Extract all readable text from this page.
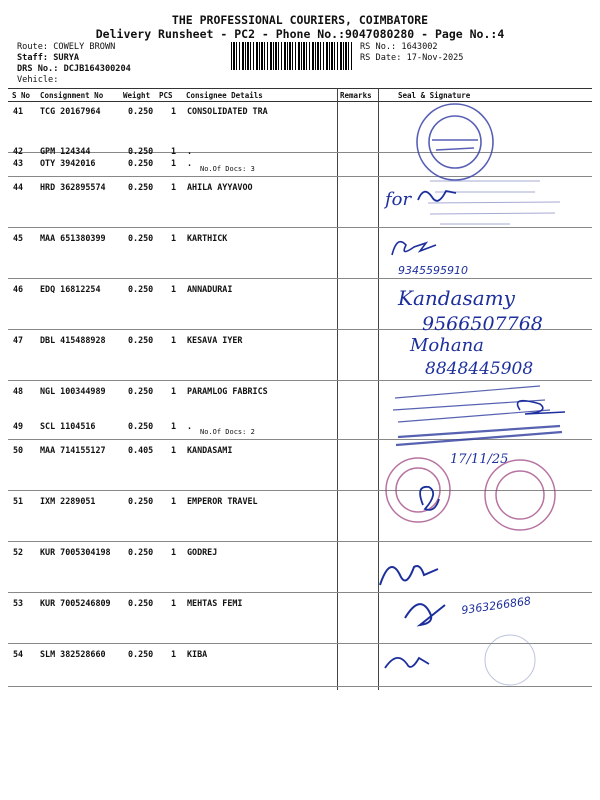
THE PROFESSIONAL COURIERS, COIMBATORE
Delivery Runsheet - PC2 - Phone No.:9047080280 - Page No.:4
Route: COWELY BROWN
Staff: SURYA
DRS No.: DCJB164300204
Vehicle:
RS No.: 1643002
RS Date: 17-Nov-2025
S No Consignment No	Weight PCS Consignee Details	Remarks	Seal & Signature
41 TCG 20167964	0.250 1 CONSOLIDATED TRA
42 GPM 124344	0.250 1 .
43 OTY 3942016	0.250 1 .
No.Of Docs: 3
44 HRD 362895574	0.250 1 AHILA AYYAVOO
45 MAA 651380399	0.250 1 KARTHICK
46 EDQ 16812254	0.250 1 ANNADURAI
47 DBL 415488928	0.250 1 KESAVA IYER
48 NGL 100344989	0.250 1 PARAMLOG FABRICS
49 SCL 1104516	0.250 1 .
No.Of Docs: 2
50 MAA 714155127	0.405 1 KANDASAMI
51 IXM 2289051	0.250 1 EMPEROR TRAVEL
52 KUR 7005304198 0.250 1 GODREJ
53 KUR 7005246809 0.250 1 MEHTAS FEMI
54 SLM 382528660	0.250 1 KIBA
for
9345595910
Kandasamy
9566507768
Mohana
8848445908
17/11/25
9363266868
